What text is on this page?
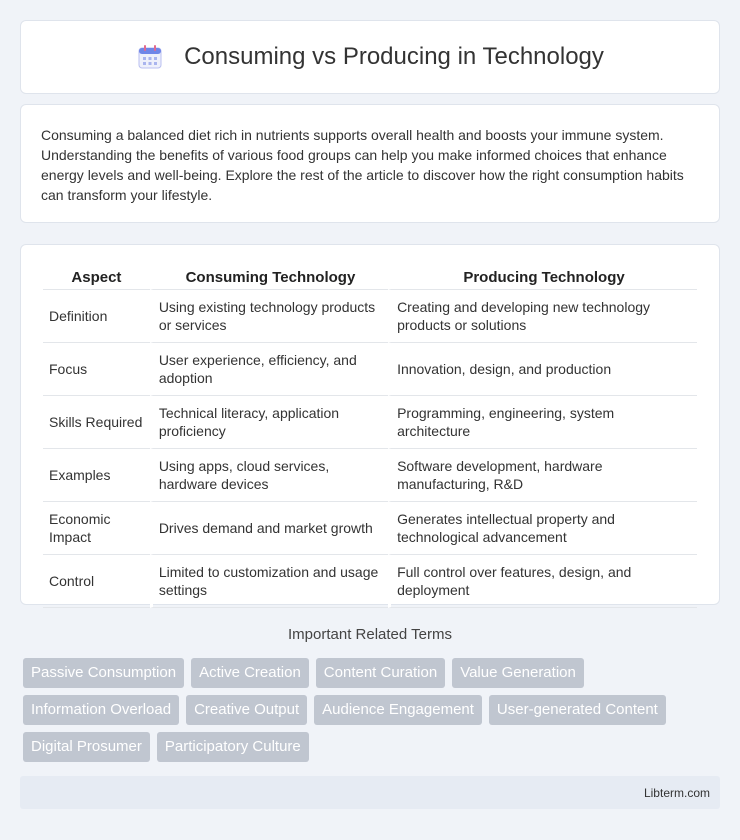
Consuming vs Producing in Technology

Consuming a balanced diet rich in nutrients supports overall health and boosts your immune system. Understanding the benefits of various food groups can help you make informed choices that enhance energy levels and well-being. Explore the rest of the article to discover how the right consumption habits can transform your lifestyle.

Aspect	Consuming Technology	Producing Technology
Definition	Using existing technology products or services	Creating and developing new technology products or solutions
Focus	User experience, efficiency, and adoption	Innovation, design, and production
Skills Required	Technical literacy, application proficiency	Programming, engineering, system architecture
Examples	Using apps, cloud services, hardware devices	Software development, hardware manufacturing, R&D
Economic Impact	Drives demand and market growth	Generates intellectual property and technological advancement
Control	Limited to customization and usage settings	Full control over features, design, and deployment
Important Related Terms
Passive Consumption	Active Creation	Content Curation	Value Generation
Information Overload	Creative Output	Audience Engagement	User-generated Content
Digital Prosumer	Participatory Culture
Libterm.com
